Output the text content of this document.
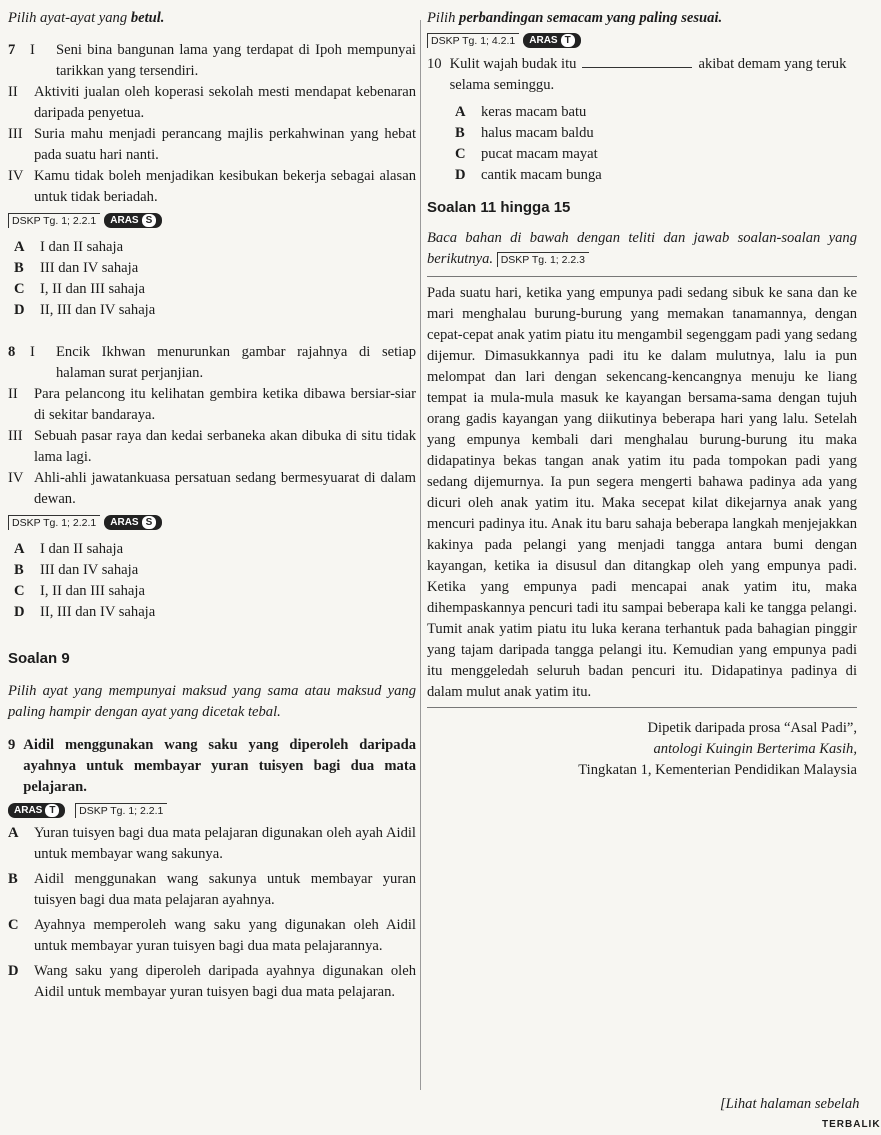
Pilih ayat-ayat yang betul.

7	I	Seni bina bangunan lama yang terdapat di Ipoh mempunyai tarikkan yang tersendiri.
II	Aktiviti jualan oleh koperasi sekolah mesti mendapat kebenaran daripada penyetua.
III Suria mahu menjadi perancang majlis perkahwinan yang hebat pada suatu hari nanti.
IV Kamu tidak boleh menjadikan kesibukan bekerja sebagai alasan untuk tidak beriadah.
DSKP Tg. 1; 2.2.1 ARAS S
A	I dan II sahaja
B	III dan IV sahaja
C	I, II dan III sahaja
D	II, III dan IV sahaja
8	I	Encik Ikhwan menurunkan gambar rajahnya di setiap halaman surat perjanjian.
II	Para pelancong itu kelihatan gembira ketika dibawa bersiar-siar di sekitar bandaraya.
III Sebuah pasar raya dan kedai serbaneka akan dibuka di situ tidak lama lagi.
IV Ahli-ahli jawatankuasa persatuan sedang bermesyuarat di dalam dewan.
DSKP Tg. 1; 2.2.1 ARAS S
A	I dan II sahaja
B	III dan IV sahaja
C	I, II dan III sahaja
D	II, III dan IV sahaja

Soalan 9

Pilih ayat yang mempunyai maksud yang sama atau maksud yang paling hampir dengan ayat yang dicetak tebal.

9 Aidil menggunakan wang saku yang diperoleh daripada ayahnya untuk membayar yuran tuisyen bagi dua mata pelajaran.
ARAS T	DSKP Tg. 1; 2.2.1
A	Yuran tuisyen bagi dua mata pelajaran digunakan oleh ayah Aidil untuk membayar wang sakunya.
B	Aidil menggunakan wang sakunya untuk membayar yuran tuisyen bagi dua mata pelajaran ayahnya.
C	Ayahnya memperoleh wang saku yang digunakan oleh Aidil untuk membayar yuran tuisyen bagi dua mata pelajarannya.
D	Wang saku yang diperoleh daripada ayahnya digunakan oleh Aidil untuk membayar yuran tuisyen bagi dua mata pelajaran.

Pilih perbandingan semacam yang paling sesuai.

DSKP Tg. 1; 4.2.1 ARAS T
10 Kulit wajah budak itu	akibat demam yang teruk selama seminggu.
A	keras macam batu
B	halus macam baldu
C	pucat macam mayat
D	cantik macam bunga

Soalan 11 hingga 15

Baca bahan di bawah dengan teliti dan jawab soalan-soalan yang berikutnya. DSKP Tg. 1; 2.2.3

Pada suatu hari, ketika yang empunya padi sedang sibuk ke sana dan ke mari menghalau burung-burung yang memakan tanamannya, dengan cepat-cepat anak yatim piatu itu mengambil segenggam padi yang sedang dijemur. Dimasukkannya padi itu ke dalam mulutnya, lalu ia pun melompat dan lari dengan sekencang-kencangnya menuju ke liang tempat ia mula-mula masuk ke kayangan bersama-sama dengan tujuh orang gadis kayangan yang diikutinya beberapa hari yang lalu. Setelah yang empunya kembali dari menghalau burung-burung itu maka didapatinya bekas tangan anak yatim itu pada tompokan padi yang sedang dijemurnya. Ia pun segera mengerti bahawa padinya ada yang dicuri oleh anak yatim itu. Maka secepat kilat dikejarnya anak yang mencuri padinya itu. Anak itu baru sahaja beberapa langkah menjejakkan kakinya pada pelangi yang menjadi tangga antara bumi dengan kayangan, ketika ia disusul dan ditangkap oleh yang empunya padi. Ketika yang empunya padi mencapai anak yatim itu, maka dihempaskannya pencuri tadi itu sampai beberapa kali ke tangga pelangi. Tumit anak yatim piatu itu luka kerana terhantuk pada bahagian pinggir yang tajam daripada tangga pelangi itu. Kemudian yang empunya padi itu menggeledah seluruh badan pencuri itu. Didapatinya padinya di dalam mulut anak yatim itu.

Dipetik daripada prosa “Asal Padi”,

antologi Kuingin Berterima Kasih,

Tingkatan 1, Kementerian Pendidikan Malaysia

[Lihat halaman sebelah
TERBALIK
